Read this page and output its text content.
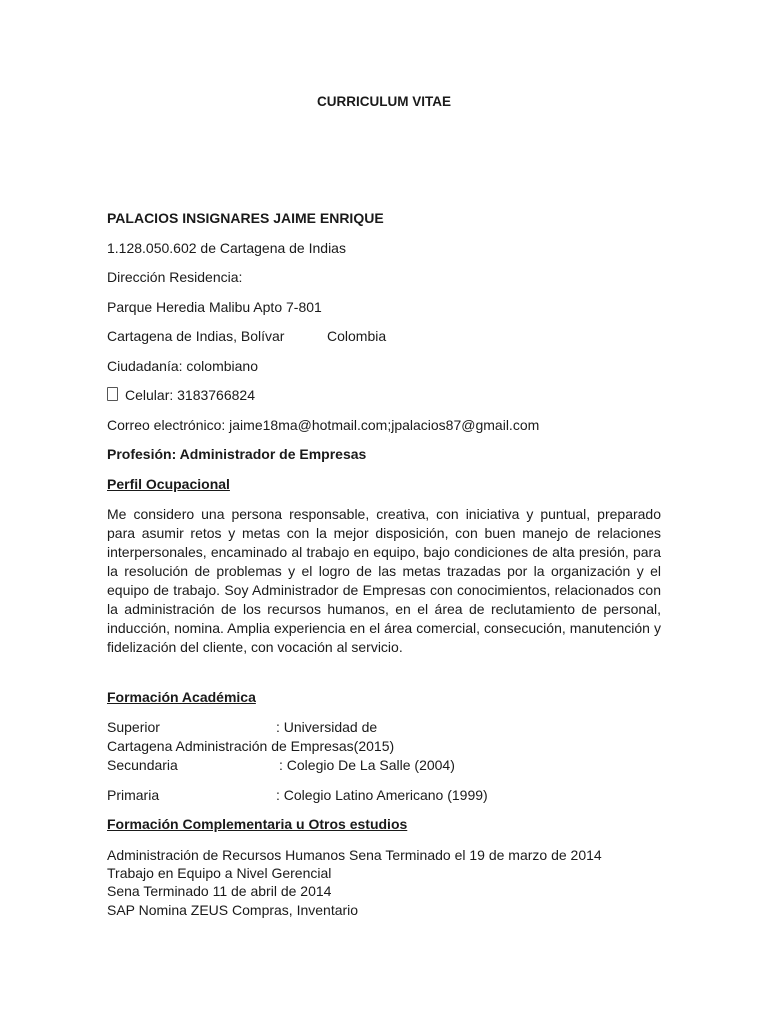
CURRICULUM VITAE
PALACIOS INSIGNARES JAIME ENRIQUE
1.128.050.602 de Cartagena de Indias
Dirección Residencia:
Parque Heredia Malibu Apto 7-801
Cartagena de Indias, Bolívar	Colombia
Ciudadanía: colombiano
Celular: 3183766824
Correo electrónico: jaime18ma@hotmail.com;jpalacios87@gmail.com
Profesión: Administrador de Empresas
Perfil Ocupacional
Me considero una persona responsable, creativa, con iniciativa y puntual, preparado para asumir retos y metas con la mejor disposición, con buen manejo de relaciones interpersonales, encaminado al trabajo en equipo, bajo condiciones de alta presión, para la resolución de problemas y el logro de las metas trazadas por la organización y el equipo de trabajo. Soy Administrador de Empresas con conocimientos, relacionados con la administración de los recursos humanos, en el área de reclutamiento de personal, inducción, nomina. Amplia experiencia en el área comercial, consecución, manutención y fidelización del cliente, con vocación al servicio.
Formación Académica
Superior	: Universidad de
Cartagena Administración de Empresas(2015)
Secundaria	: Colegio De La Salle (2004)
Primaria	: Colegio Latino Americano (1999)
Formación Complementaria u Otros estudios
Administración de Recursos Humanos Sena Terminado el 19 de marzo de 2014
Trabajo en Equipo a Nivel Gerencial
Sena Terminado 11 de abril de 2014
SAP Nomina ZEUS Compras, Inventario
